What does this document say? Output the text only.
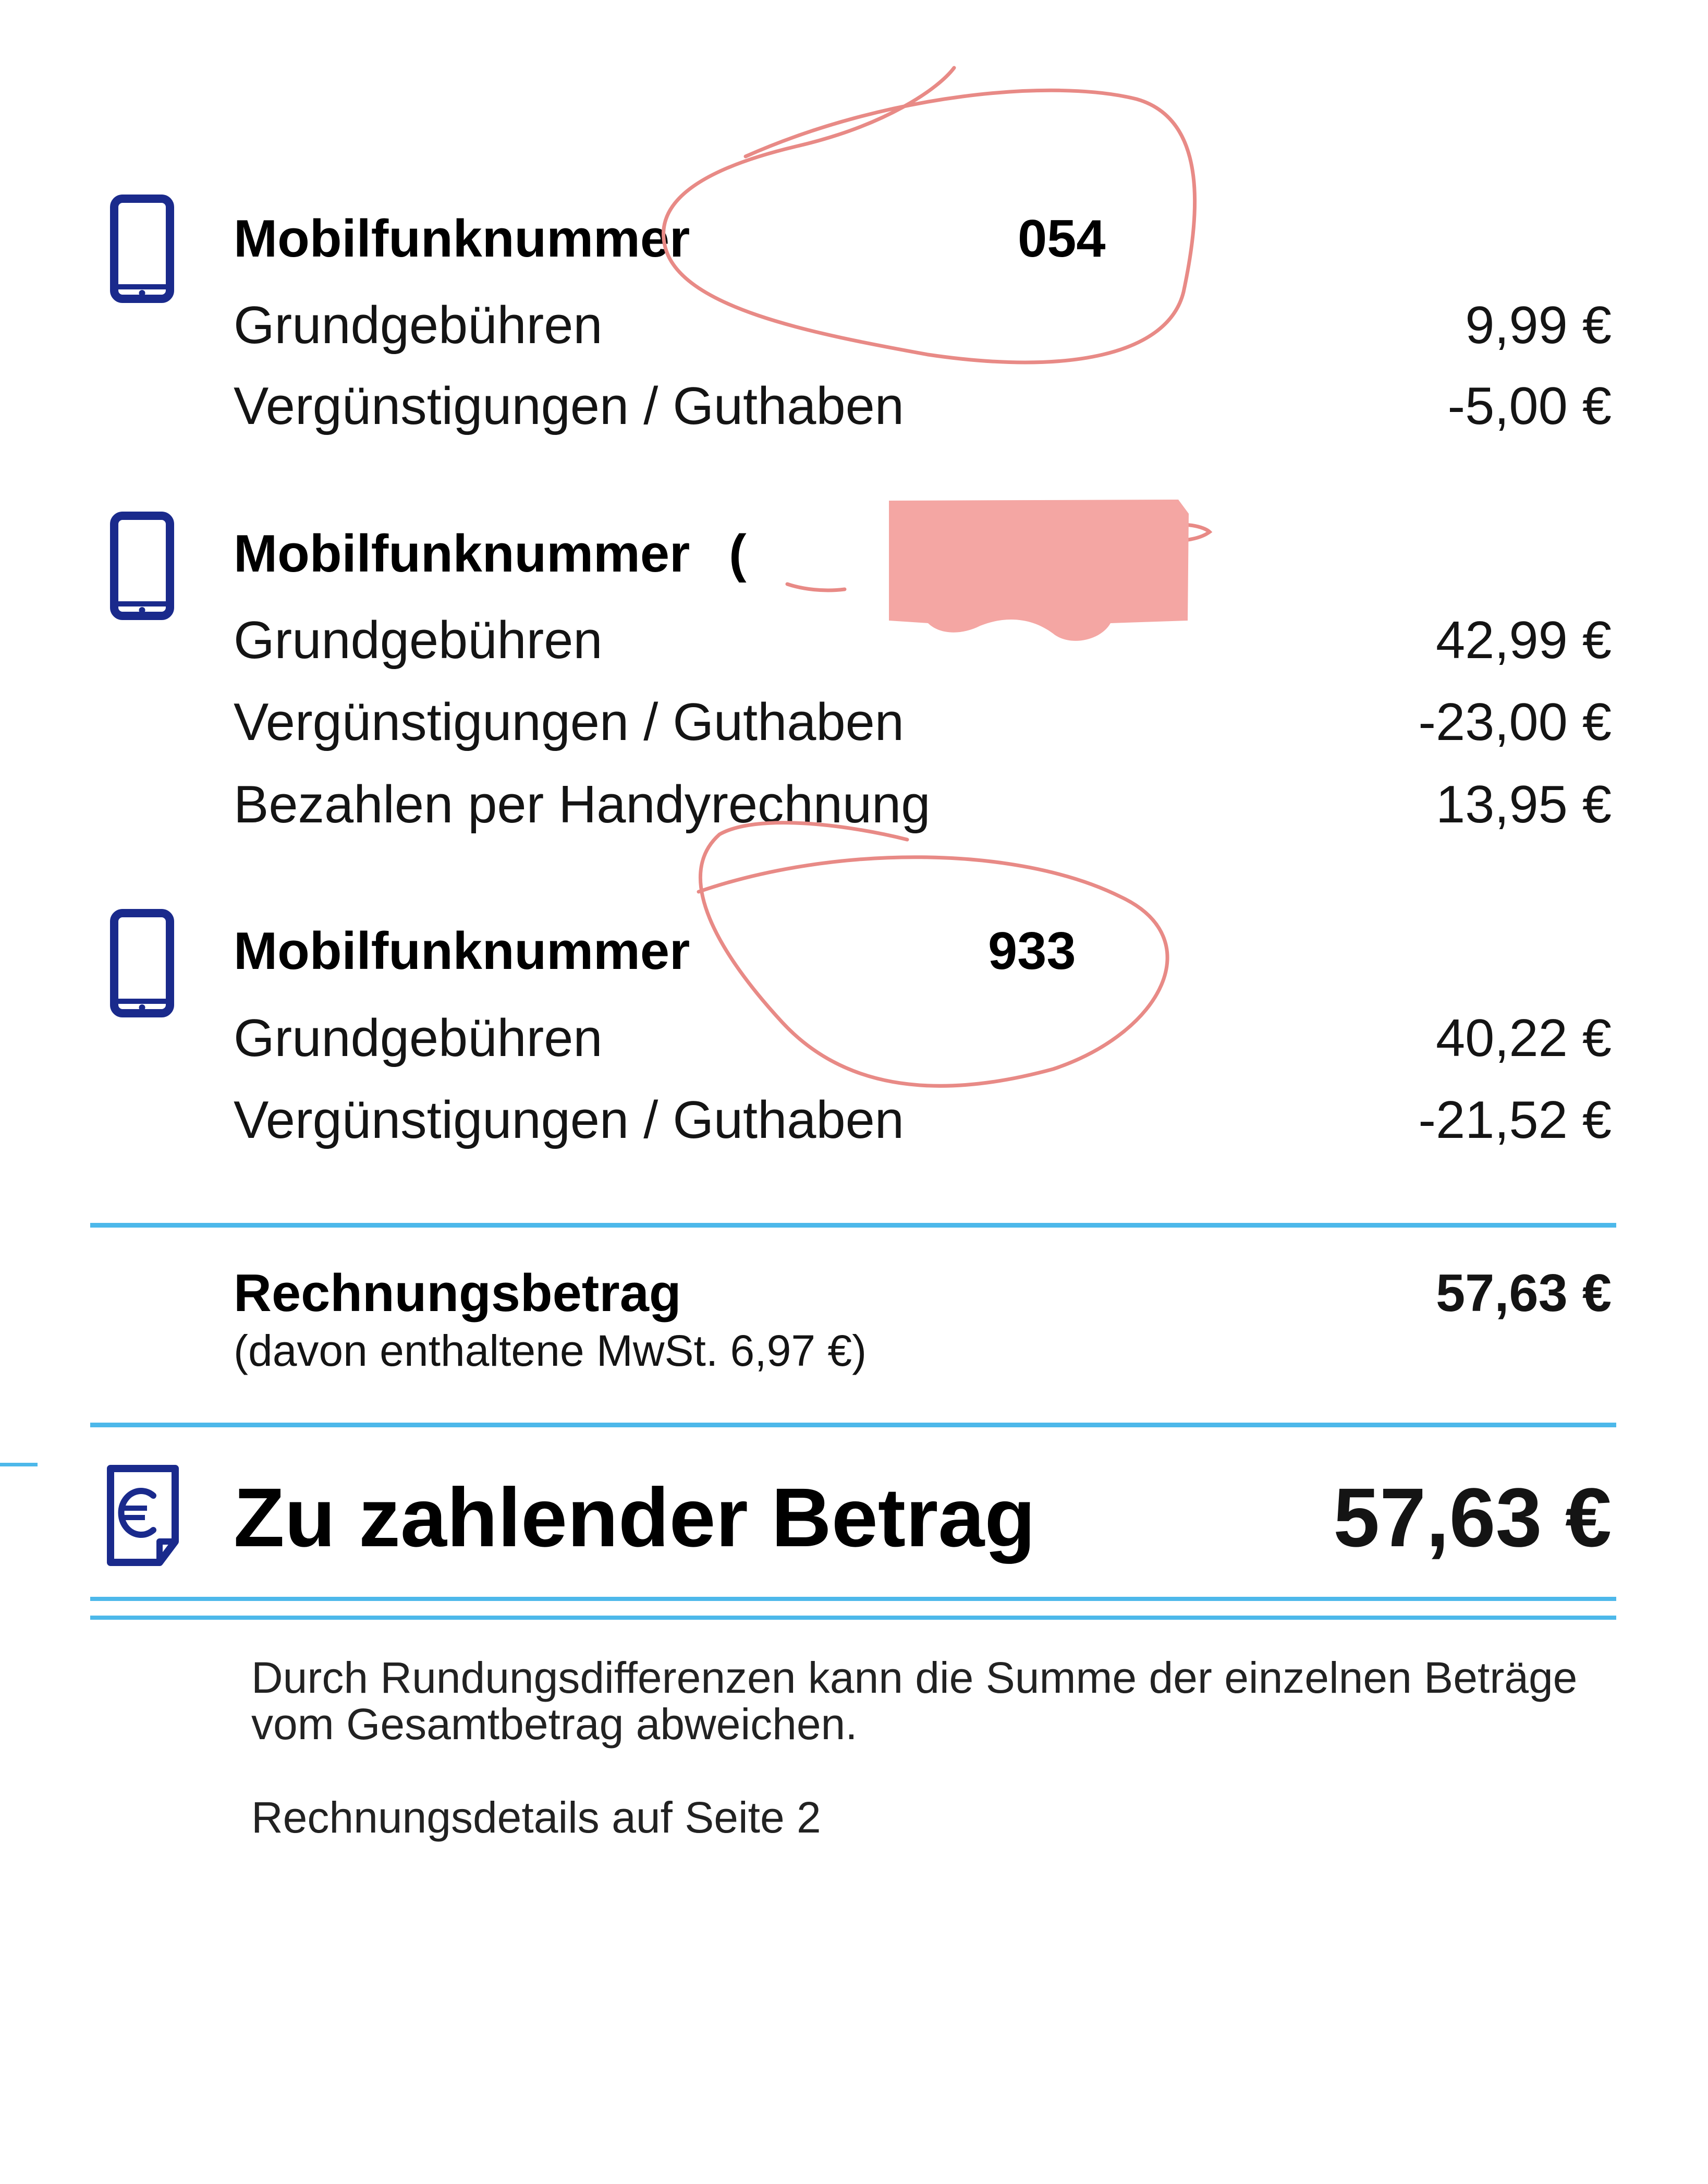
Mobilfunknummer	054
Grundgebühren	9,99 €
Vergünstigungen / Guthaben	-5,00 €
Mobilfunknummer (
Grundgebühren	42,99 €
Vergünstigungen / Guthaben	-23,00 €
Bezahlen per Handyrechnung	13,95 €
Mobilfunknummer	933
Grundgebühren	40,22 €
Vergünstigungen / Guthaben	-21,52 €
Rechnungsbetrag	57,63 €
(davon enthaltene MwSt. 6,97 €)
Zu zahlender Betrag	57,63 €
Durch Rundungsdifferenzen kann die Summe der einzelnen Beträge
vom Gesamtbetrag abweichen.
Rechnungsdetails auf Seite 2
